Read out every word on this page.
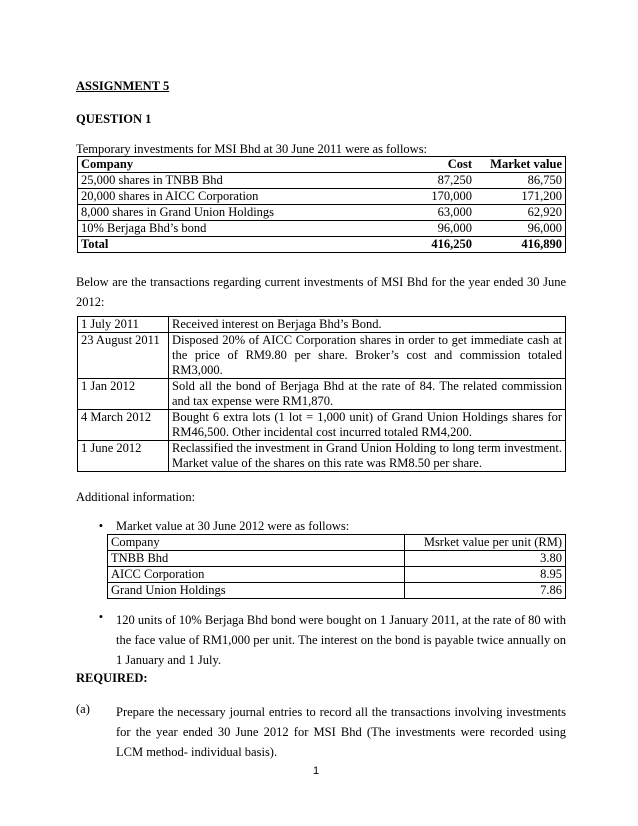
ASSIGNMENT 5
QUESTION 1
Temporary investments for MSI Bhd at 30 June 2011 were as follows:
Company	Cost	Market value
25,000 shares in TNBB Bhd	87,250	86,750
20,000 shares in AICC Corporation	170,000	171,200
8,000 shares in Grand Union Holdings	63,000	62,920
10% Berjaga Bhd’s bond	96,000	96,000
Total	416,250	416,890
Below are the transactions regarding current investments of MSI Bhd for the year ended 30 June 2012:
1 July 2011	Received interest on Berjaga Bhd’s Bond.
23 August 2011	Disposed 20% of AICC Corporation shares in order to get immediate cash at the price of RM9.80 per share. Broker’s cost and commission totaled RM3,000.
1 Jan 2012	Sold all the bond of Berjaga Bhd at the rate of 84. The related commission and tax expense were RM1,870.
4 March 2012	Bought 6 extra lots (1 lot = 1,000 unit) of Grand Union Holdings shares for RM46,500. Other incidental cost incurred totaled RM4,200.
1 June 2012	Reclassified the investment in Grand Union Holding to long term investment. Market value of the shares on this rate was RM8.50 per share.
Additional information:
• Market value at 30 June 2012 were as follows:
Company	Msrket value per unit (RM)
TNBB Bhd	3.80
AICC Corporation	8.95
Grand Union Holdings	7.86
• 120 units of 10% Berjaga Bhd bond were bought on 1 January 2011, at the rate of 80 with the face value of RM1,000 per unit. The interest on the bond is payable twice annually on 1 January and 1 July.
REQUIRED:
(a) Prepare the necessary journal entries to record all the transactions involving investments for the year ended 30 June 2012 for MSI Bhd (The investments were recorded using LCM method- individual basis).
1
